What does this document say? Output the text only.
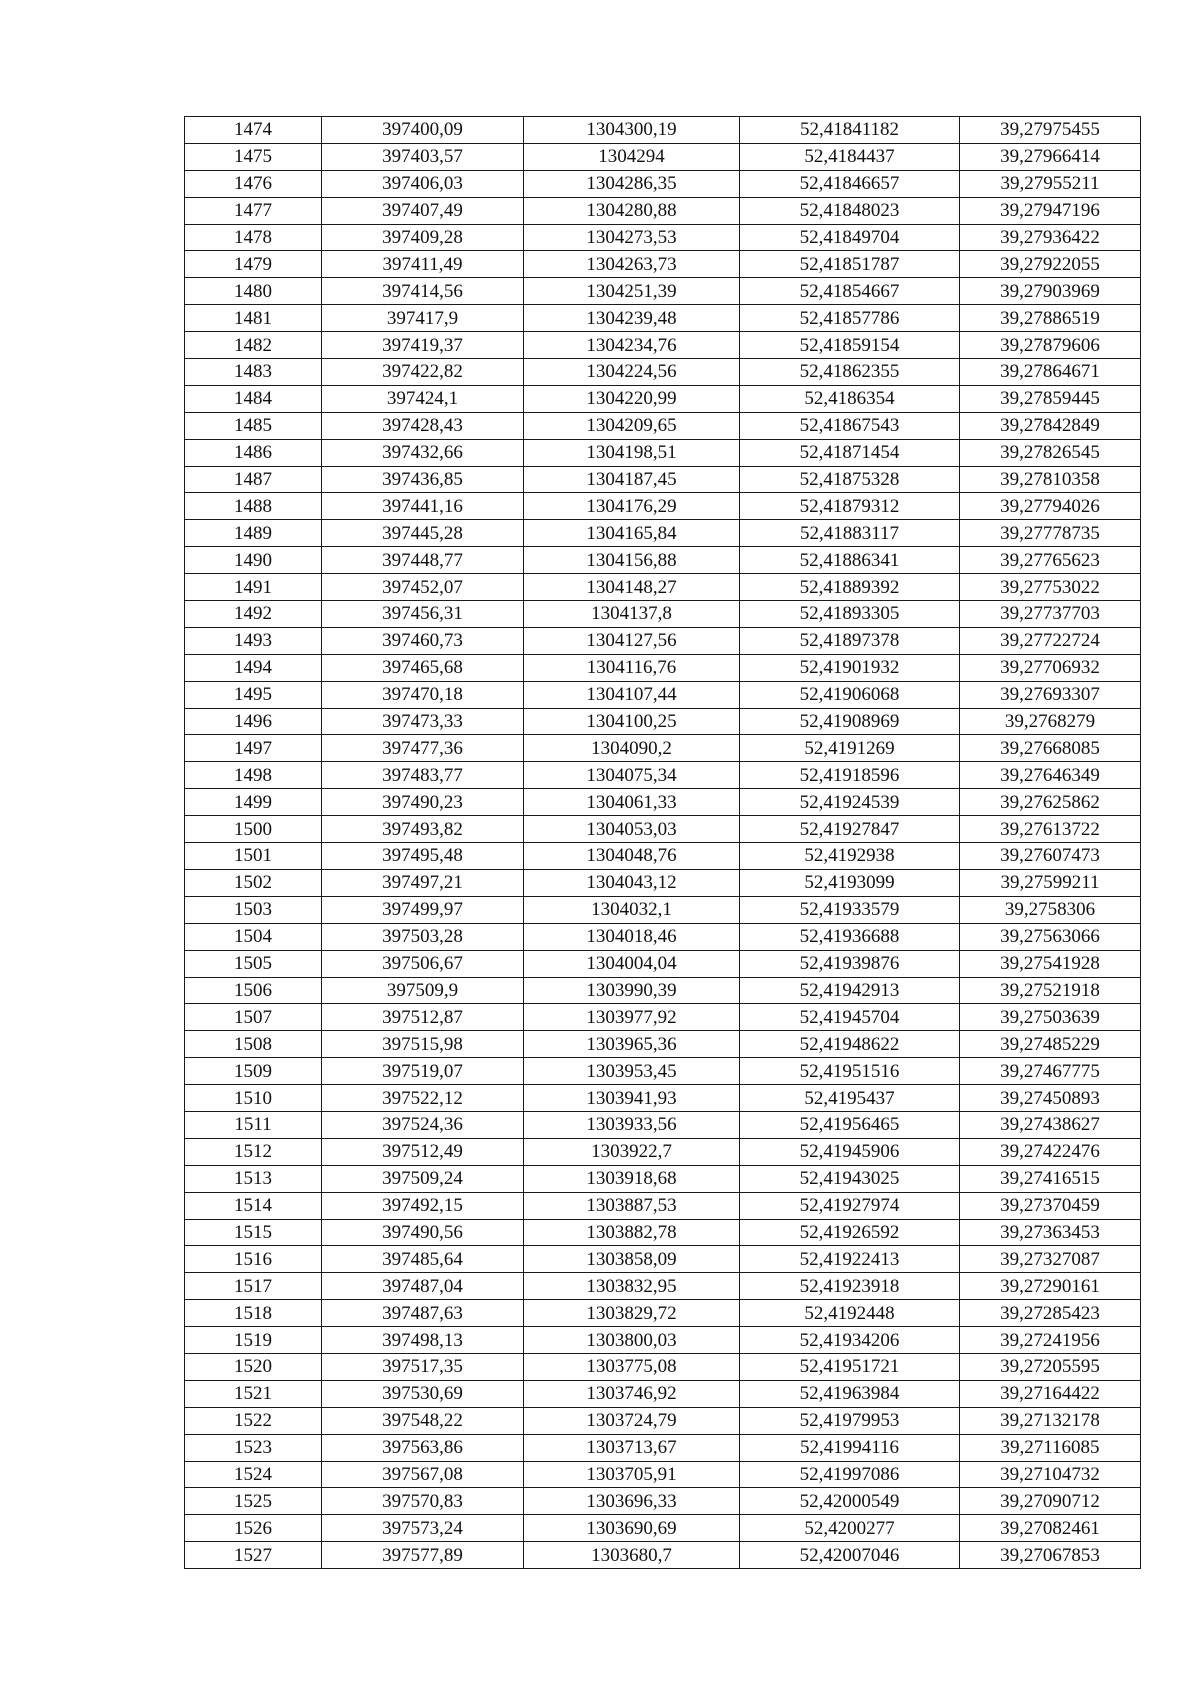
1474	397400,09	1304300,19	52,41841182	39,27975455
1475	397403,57	1304294	52,4184437	39,27966414
1476	397406,03	1304286,35	52,41846657	39,27955211
1477	397407,49	1304280,88	52,41848023	39,27947196
1478	397409,28	1304273,53	52,41849704	39,27936422
1479	397411,49	1304263,73	52,41851787	39,27922055
1480	397414,56	1304251,39	52,41854667	39,27903969
1481	397417,9	1304239,48	52,41857786	39,27886519
1482	397419,37	1304234,76	52,41859154	39,27879606
1483	397422,82	1304224,56	52,41862355	39,27864671
1484	397424,1	1304220,99	52,4186354	39,27859445
1485	397428,43	1304209,65	52,41867543	39,27842849
1486	397432,66	1304198,51	52,41871454	39,27826545
1487	397436,85	1304187,45	52,41875328	39,27810358
1488	397441,16	1304176,29	52,41879312	39,27794026
1489	397445,28	1304165,84	52,41883117	39,27778735
1490	397448,77	1304156,88	52,41886341	39,27765623
1491	397452,07	1304148,27	52,41889392	39,27753022
1492	397456,31	1304137,8	52,41893305	39,27737703
1493	397460,73	1304127,56	52,41897378	39,27722724
1494	397465,68	1304116,76	52,41901932	39,27706932
1495	397470,18	1304107,44	52,41906068	39,27693307
1496	397473,33	1304100,25	52,41908969	39,2768279
1497	397477,36	1304090,2	52,4191269	39,27668085
1498	397483,77	1304075,34	52,41918596	39,27646349
1499	397490,23	1304061,33	52,41924539	39,27625862
1500	397493,82	1304053,03	52,41927847	39,27613722
1501	397495,48	1304048,76	52,4192938	39,27607473
1502	397497,21	1304043,12	52,4193099	39,27599211
1503	397499,97	1304032,1	52,41933579	39,2758306
1504	397503,28	1304018,46	52,41936688	39,27563066
1505	397506,67	1304004,04	52,41939876	39,27541928
1506	397509,9	1303990,39	52,41942913	39,27521918
1507	397512,87	1303977,92	52,41945704	39,27503639
1508	397515,98	1303965,36	52,41948622	39,27485229
1509	397519,07	1303953,45	52,41951516	39,27467775
1510	397522,12	1303941,93	52,4195437	39,27450893
1511	397524,36	1303933,56	52,41956465	39,27438627
1512	397512,49	1303922,7	52,41945906	39,27422476
1513	397509,24	1303918,68	52,41943025	39,27416515
1514	397492,15	1303887,53	52,41927974	39,27370459
1515	397490,56	1303882,78	52,41926592	39,27363453
1516	397485,64	1303858,09	52,41922413	39,27327087
1517	397487,04	1303832,95	52,41923918	39,27290161
1518	397487,63	1303829,72	52,4192448	39,27285423
1519	397498,13	1303800,03	52,41934206	39,27241956
1520	397517,35	1303775,08	52,41951721	39,27205595
1521	397530,69	1303746,92	52,41963984	39,27164422
1522	397548,22	1303724,79	52,41979953	39,27132178
1523	397563,86	1303713,67	52,41994116	39,27116085
1524	397567,08	1303705,91	52,41997086	39,27104732
1525	397570,83	1303696,33	52,42000549	39,27090712
1526	397573,24	1303690,69	52,4200277	39,27082461
1527	397577,89	1303680,7	52,42007046	39,27067853
